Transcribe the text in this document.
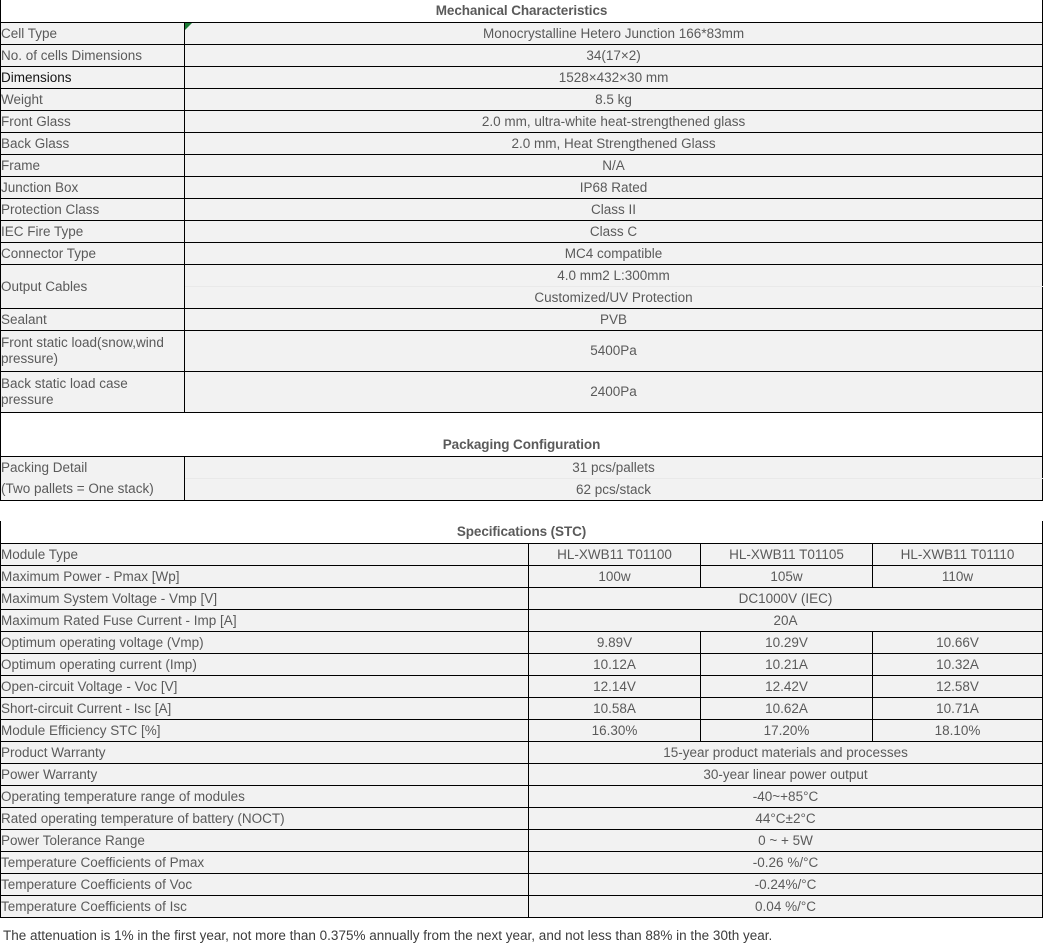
Mechanical Characteristics	
Cell Type	Monocrystalline Hetero Junction 166*83mm
No. of cells Dimensions	34(17×2)
Dimensions	1528×432×30 mm
Weight	8.5 kg
Front Glass	2.0 mm, ultra-white heat-strengthened glass
Back Glass	2.0 mm, Heat Strengthened Glass
Frame	N/A
Junction Box	IP68 Rated
Protection Class	Class II
IEC Fire Type	Class C
Connector Type	MC4 compatible
Output Cables	4.0 mm2 L:300mm
	Customized/UV Protection
Sealant	PVB
Front static load(snow,wind pressure)	5400Pa
Back static load case pressure	2400Pa

Packaging Configuration	
Packing Detail	31 pcs/pallets
(Two pallets = One stack)	62 pcs/stack
Specifications (STC)			
Module Type	HL-XWB11 T01100	HL-XWB11 T01105	HL-XWB11 T01110
Maximum Power - Pmax [Wp]	100w	105w	110w
Maximum System Voltage - Vmp [V]	DC1000V (IEC)		
Maximum Rated Fuse Current - Imp [A]	20A		
Optimum operating voltage (Vmp)	9.89V	10.29V	10.66V
Optimum operating current (Imp)	10.12A	10.21A	10.32A
Open-circuit Voltage - Voc [V]	12.14V	12.42V	12.58V
Short-circuit Current - Isc [A]	10.58A	10.62A	10.71A
Module Efficiency STC [%]	16.30%	17.20%	18.10%
Product Warranty	15-year product materials and processes		
Power Warranty	30-year linear power output		
Operating temperature range of modules	-40~+85°C		
Rated operating temperature of battery (NOCT)	44°C±2°C		
Power Tolerance Range	0 ~ + 5W		
Temperature Coefficients of Pmax	-0.26 %/°C		
Temperature Coefficients of Voc	-0.24%/°C		
Temperature Coefficients of Isc	0.04 %/°C		
The attenuation is 1% in the first year, not more than 0.375% annually from the next year, and not less than 88% in the 30th year.
